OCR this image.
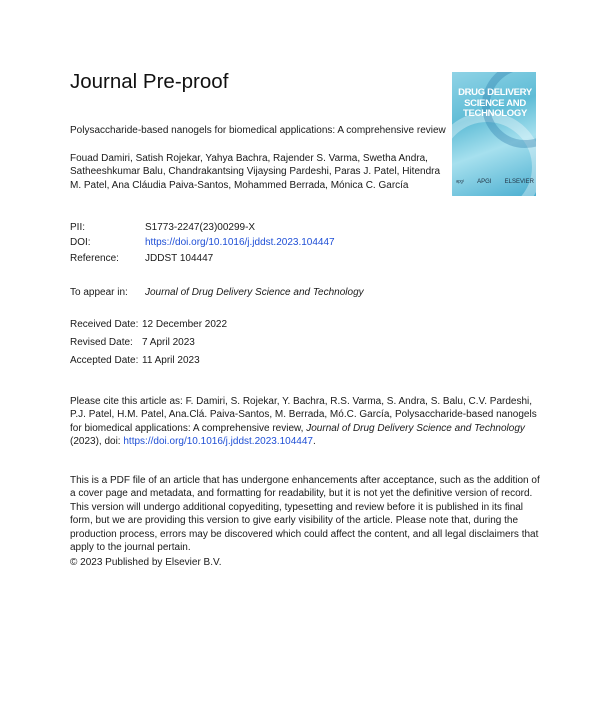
Journal Pre-proof	DRUG DELIVERY SCIENCE AND TECHNOLOGY
ᵃᵖᵍⁱ APGI ELSEVIER
Polysaccharide-based nanogels for biomedical applications: A comprehensive review
Fouad Damiri, Satish Rojekar, Yahya Bachra, Rajender S. Varma, Swetha Andra, Satheeshkumar Balu, Chandrakantsing Vijaysing Pardeshi, Paras J. Patel, Hitendra M. Patel, Ana Cláudia Paiva-Santos, Mohammed Berrada, Mónica C. García
PII:	S1773-2247(23)00299-X
DOI:	https://doi.org/10.1016/j.jddst.2023.104447
Reference:	JDDST 104447
To appear in: Journal of Drug Delivery Science and Technology
Received Date: 12 December 2022
Revised Date: 7 April 2023
Accepted Date: 11 April 2023
Please cite this article as: F. Damiri, S. Rojekar, Y. Bachra, R.S. Varma, S. Andra, S. Balu, C.V. Pardeshi, P.J. Patel, H.M. Patel, Ana.Clá. Paiva-Santos, M. Berrada, Mó.C. García, Polysaccharide-based nanogels for biomedical applications: A comprehensive review, Journal of Drug Delivery Science and Technology (2023), doi: https://doi.org/10.1016/j.jddst.2023.104447.
This is a PDF file of an article that has undergone enhancements after acceptance, such as the addition of a cover page and metadata, and formatting for readability, but it is not yet the definitive version of record. This version will undergo additional copyediting, typesetting and review before it is published in its final form, but we are providing this version to give early visibility of the article. Please note that, during the production process, errors may be discovered which could affect the content, and all legal disclaimers that apply to the journal pertain.
© 2023 Published by Elsevier B.V.
